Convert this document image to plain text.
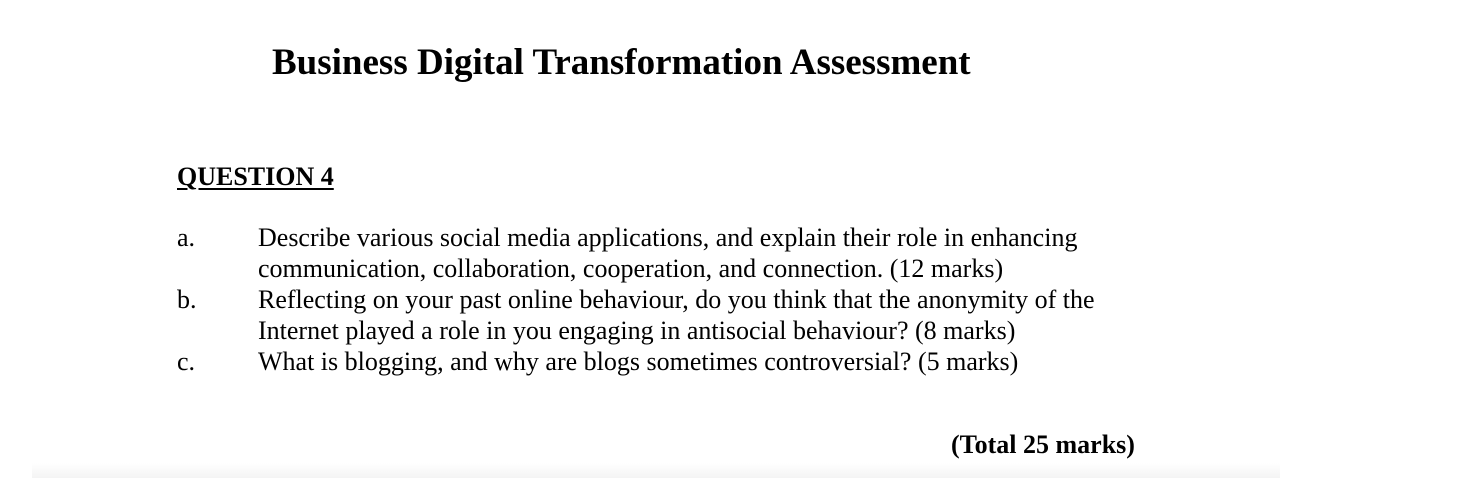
Business Digital Transformation Assessment
QUESTION 4
a.	Describe various social media applications, and explain their role in enhancing
communication, collaboration, cooperation, and connection. (12 marks)
b.	Reflecting on your past online behaviour, do you think that the anonymity of the
Internet played a role in you engaging in antisocial behaviour? (8 marks)
c.	What is blogging, and why are blogs sometimes controversial? (5 marks)
(Total 25 marks)
